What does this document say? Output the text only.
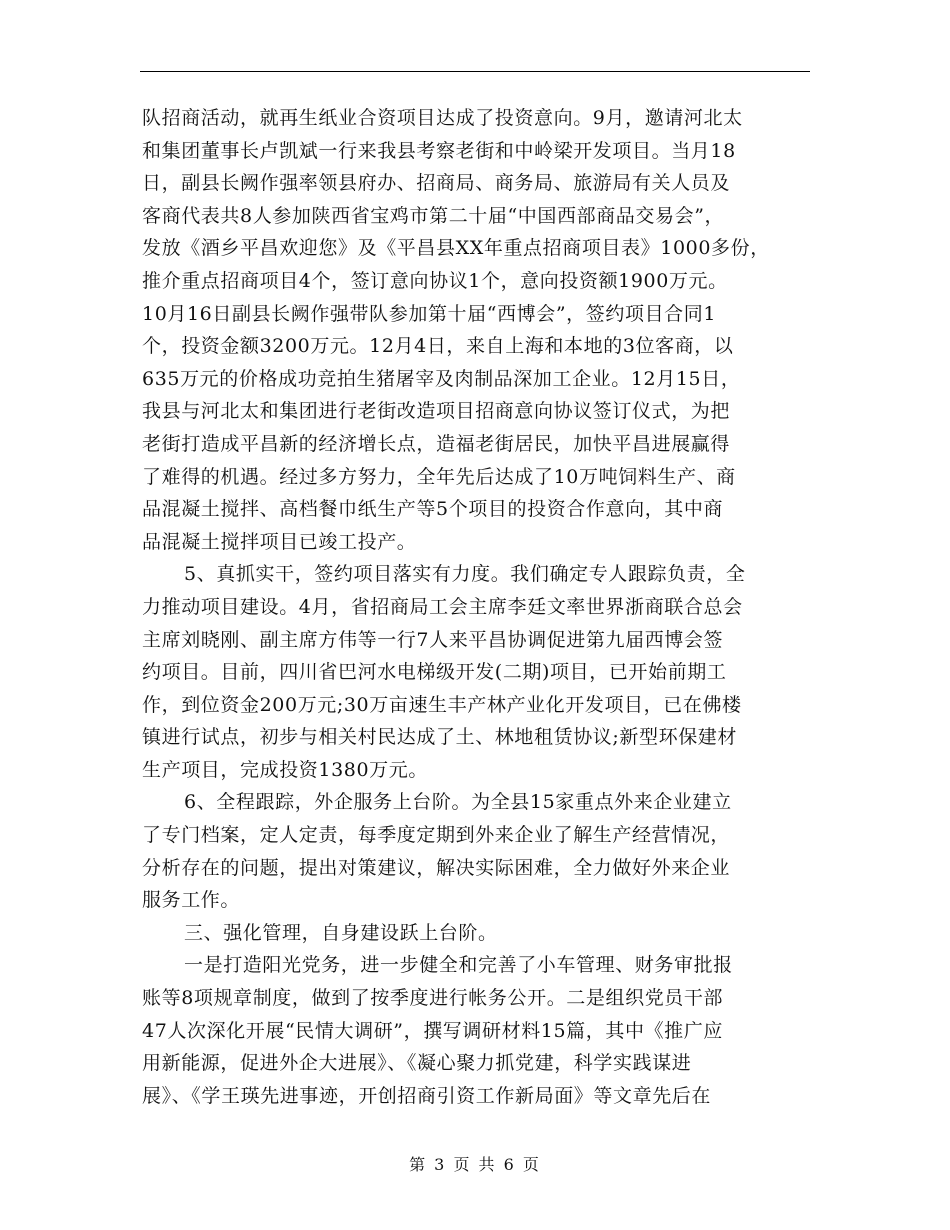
队招商活动，就再生纸业合资项目达成了投资意向。9月，邀请河北太
和集团董事长卢凯斌一行来我县考察老街和中岭梁开发项目。当月18
日，副县长阙作强率领县府办、招商局、商务局、旅游局有关人员及
客商代表共8人参加陕西省宝鸡市第二十届“中国西部商品交易会”，
发放《酒乡平昌欢迎您》及《平昌县XX年重点招商项目表》1000多份，
推介重点招商项目4个，签订意向协议1个，意向投资额1900万元。
10月16日副县长阙作强带队参加第十届“西博会”，签约项目合同1
个，投资金额3200万元。12月4日，来自上海和本地的3位客商，以
635万元的价格成功竞拍生猪屠宰及肉制品深加工企业。12月15日，
我县与河北太和集团进行老街改造项目招商意向协议签订仪式，为把
老街打造成平昌新的经济增长点，造福老街居民，加快平昌进展赢得
了难得的机遇。经过多方努力，全年先后达成了10万吨饲料生产、商
品混凝土搅拌、高档餐巾纸生产等5个项目的投资合作意向，其中商
品混凝土搅拌项目已竣工投产。
5、真抓实干，签约项目落实有力度。我们确定专人跟踪负责，全
力推动项目建设。4月，省招商局工会主席李廷文率世界浙商联合总会
主席刘晓刚、副主席方伟等一行7人来平昌协调促进第九届西博会签
约项目。目前，四川省巴河水电梯级开发(二期)项目，已开始前期工
作，到位资金200万元;30万亩速生丰产林产业化开发项目，已在佛楼
镇进行试点，初步与相关村民达成了土、林地租赁协议;新型环保建材
生产项目，完成投资1380万元。
6、全程跟踪，外企服务上台阶。为全县15家重点外来企业建立
了专门档案，定人定责，每季度定期到外来企业了解生产经营情况，
分析存在的问题，提出对策建议，解决实际困难，全力做好外来企业
服务工作。
三、强化管理，自身建设跃上台阶。
一是打造阳光党务，进一步健全和完善了小车管理、财务审批报
账等8项规章制度，做到了按季度进行帐务公开。二是组织党员干部
47人次深化开展“民情大调研”，撰写调研材料15篇，其中《推广应
用新能源，促进外企大进展》、《凝心聚力抓党建，科学实践谋进
展》、《学王瑛先进事迹，开创招商引资工作新局面》等文章先后在
第 3 页 共 6 页
